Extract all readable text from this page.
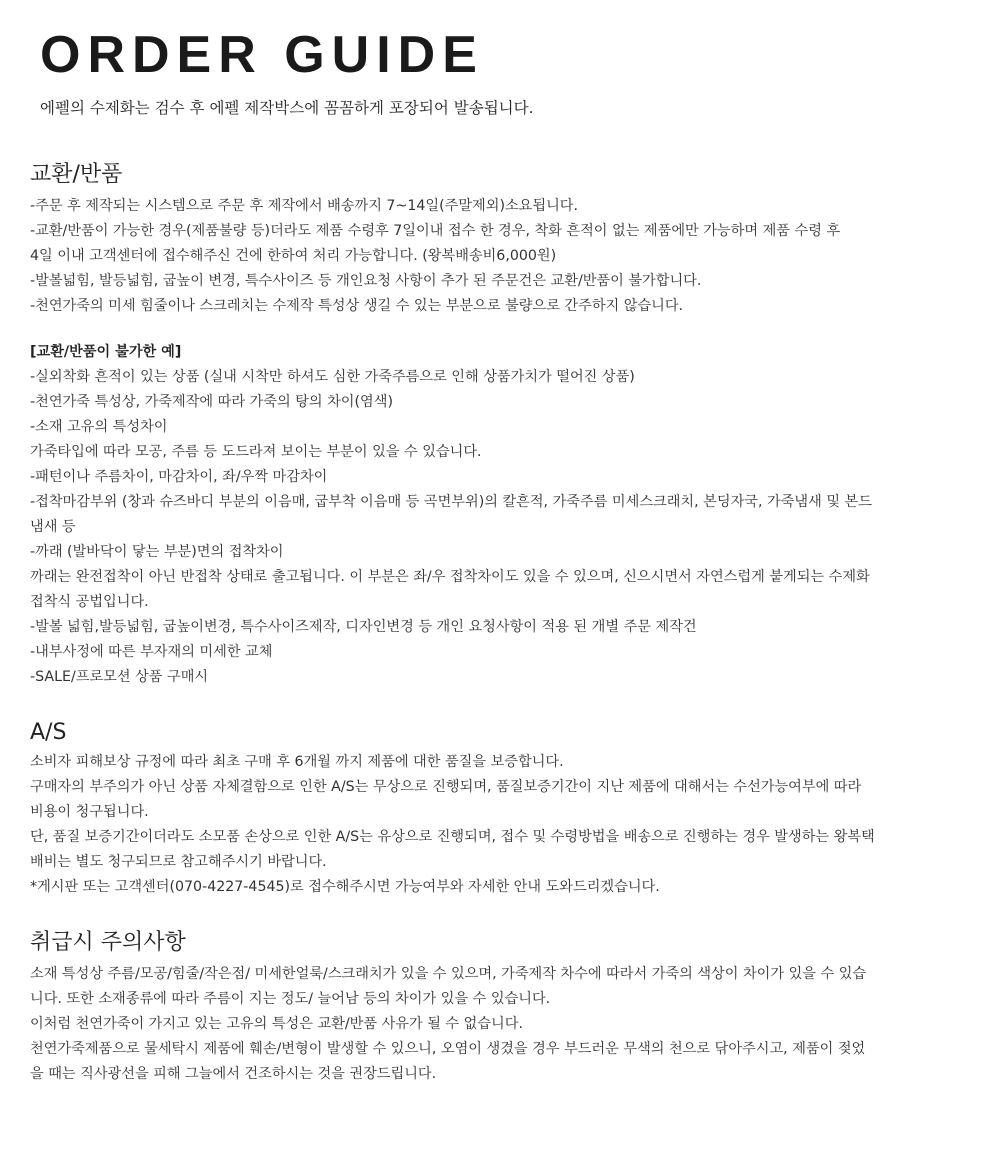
ORDER GUIDE
에펠의 수제화는 검수 후 에펠 제작박스에 꼼꼼하게 포장되어 발송됩니다.
교환/반품
-주문 후 제작되는 시스템으로 주문 후 제작에서 배송까지 7~14일(주말제외)소요됩니다.
-교환/반품이 가능한 경우(제품불량 등)더라도 제품 수령후 7일이내 접수 한 경우, 착화 흔적이 없는 제품에만 가능하며 제품 수령 후
4일 이내 고객센터에 접수해주신 건에 한하여 처리 가능합니다. (왕복배송비6,000원)
-발볼넓힘, 발등넓힘, 굽높이 변경, 특수사이즈 등 개인요청 사항이 추가 된 주문건은 교환/반품이 불가합니다.
-천연가죽의 미세 힘줄이나 스크레치는 수제작 특성상 생길 수 있는 부분으로 불량으로 간주하지 않습니다.
[교환/반품이 불가한 예]
-실외착화 흔적이 있는 상품 (실내 시착만 하셔도 심한 가죽주름으로 인해 상품가치가 떨어진 상품)
-천연가죽 특성상, 가죽제작에 따라 가죽의 탕의 차이(염색)
-소재 고유의 특성차이
가죽타입에 따라 모공, 주름 등 도드라져 보이는 부분이 있을 수 있습니다.
-패턴이나 주름차이, 마감차이, 좌/우짝 마감차이
-접착마감부위 (창과 슈즈바디 부분의 이음매, 굽부착 이음매 등 곡면부위)의 칼흔적, 가죽주름 미세스크래치, 본딩자국, 가죽냄새 및 본드
냄새 등
-까래 (발바닥이 닿는 부분)면의 접착차이
까래는 완전접착이 아닌 반접착 상태로 출고됩니다. 이 부분은 좌/우 접착차이도 있을 수 있으며, 신으시면서 자연스럽게 붙게되는 수제화
접착식 공법입니다.
-발볼 넓힘,발등넓힘, 굽높이변경, 특수사이즈제작, 디자인변경 등 개인 요청사항이 적용 된 개별 주문 제작건
-내부사정에 따른 부자재의 미세한 교체
-SALE/프로모션 상품 구매시
A/S
소비자 피해보상 규정에 따라 최초 구매 후 6개월 까지 제품에 대한 품질을 보증합니다.
구매자의 부주의가 아닌 상품 자체결함으로 인한 A/S는 무상으로 진행되며, 품질보증기간이 지난 제품에 대해서는 수선가능여부에 따라
비용이 청구됩니다.
단, 품질 보증기간이더라도 소모품 손상으로 인한 A/S는 유상으로 진행되며, 접수 및 수령방법을 배송으로 진행하는 경우 발생하는 왕복택
배비는 별도 청구되므로 참고해주시기 바랍니다.
*게시판 또는 고객센터(070-4227-4545)로 접수해주시면 가능여부와 자세한 안내 도와드리겠습니다.
취급시 주의사항
소재 특성상 주름/모공/힘줄/작은점/ 미세한얼룩/스크래치가 있을 수 있으며, 가죽제작 차수에 따라서 가죽의 색상이 차이가 있을 수 있습
니다. 또한 소재종류에 따라 주름이 지는 정도/ 늘어남 등의 차이가 있을 수 있습니다.
이처럼 천연가죽이 가지고 있는 고유의 특성은 교환/반품 사유가 될 수 없습니다.
천연가죽제품으로 물세탁시 제품에 훼손/변형이 발생할 수 있으니, 오염이 생겼을 경우 부드러운 무색의 천으로 닦아주시고, 제품이 젖었
을 때는 직사광선을 피해 그늘에서 건조하시는 것을 권장드립니다.
